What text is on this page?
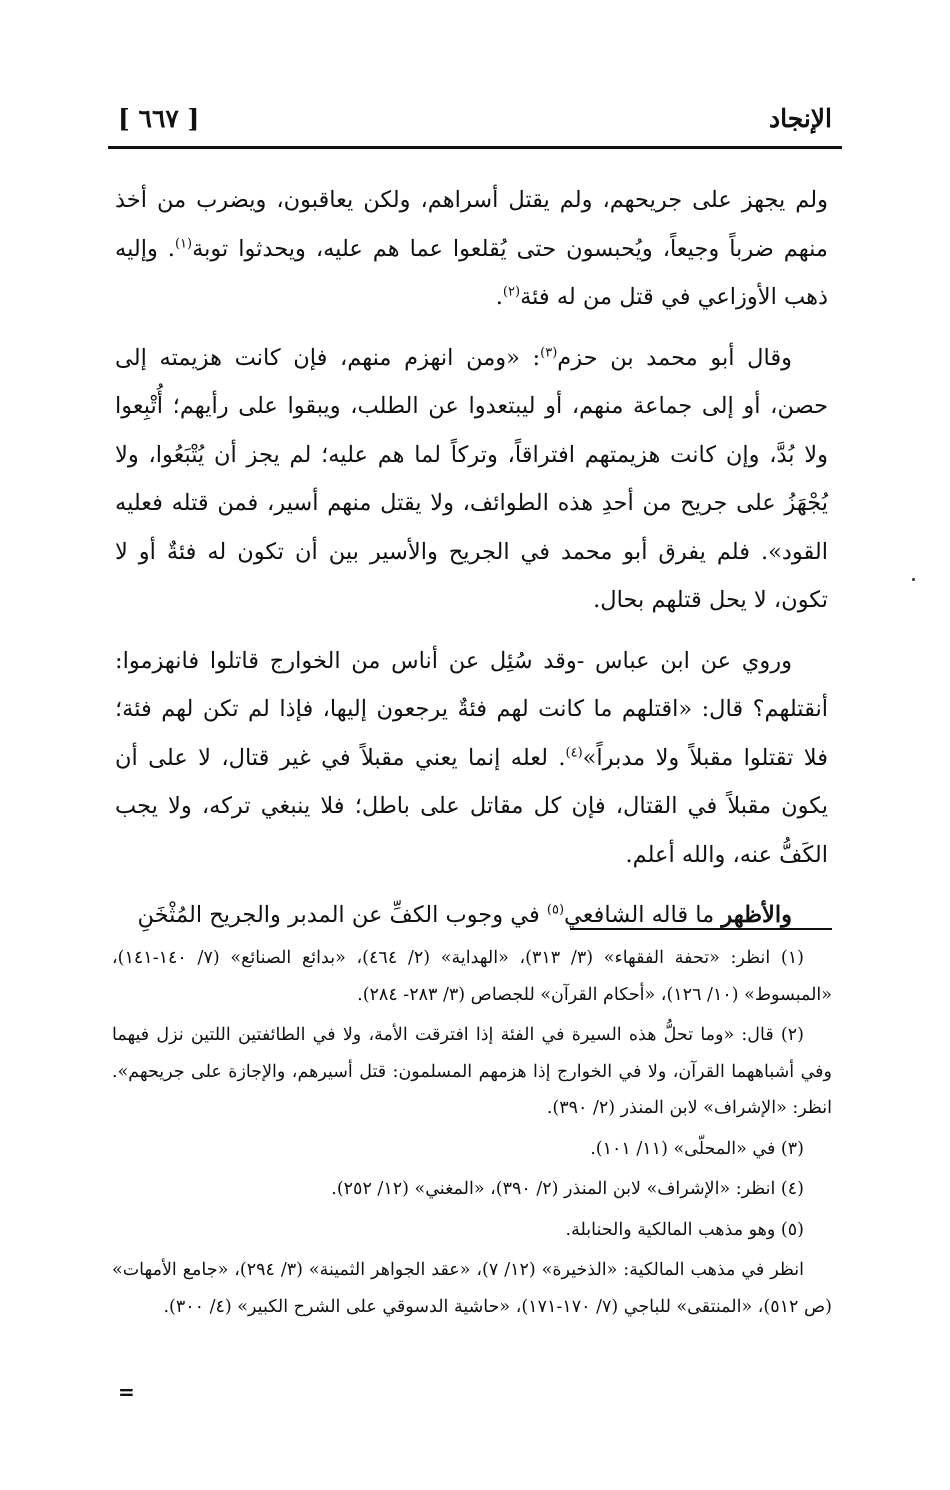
الإنجاد
[ ٦٦٧ ]

ولم يجهز على جريحهم، ولم يقتل أسراهم، ولكن يعاقبون، ويضرب من أخذ منهم ضرباً وجيعاً، ويُحبسون حتى يُقلعوا عما هم عليه، ويحدثوا توبة$^{(١)}$. وإليه ذهب الأوزاعي في قتل من له فئة$^{(٢)}$.

وقال أبو محمد بن حزم$^{(٣)}$: «ومن انهزم منهم، فإن كانت هزيمته إلى حصن، أو إلى جماعة منهم، أو ليبتعدوا عن الطلب، ويبقوا على رأيهم؛ أُتْبِعوا ولا بُدَّ، وإن كانت هزيمتهم افتراقاً، وتركاً لما هم عليه؛ لم يجز أن يُتْبَعُوا، ولا يُجْهَزُ على جريح من أحدِ هذه الطوائف، ولا يقتل منهم أسير، فمن قتله فعليه القود». فلم يفرق أبو محمد في الجريح والأسير بين أن تكون له فئةٌ أو لا تكون، لا يحل قتلهم بحال.

وروي عن ابن عباس -وقد سُئِل عن أناس من الخوارج قاتلوا فانهزموا: أنقتلهم؟ قال: «اقتلهم ما كانت لهم فئةٌ يرجعون إليها، فإذا لم تكن لهم فئة؛ فلا تقتلوا مقبلاً ولا مدبراً»$^{(٤)}$. لعله إنما يعني مقبلاً في غير قتال، لا على أن يكون مقبلاً في القتال، فإن كل مقاتل على باطل؛ فلا ينبغي تركه، ولا يجب الكَفُّ عنه، والله أعلم.

والأظهر ما قاله الشافعي$^{(٥)}$ في وجوب الكفِّ عن المدبر والجريح المُثْخَنِ

(١) انظر: «تحفة الفقهاء» (٣/ ٣١٣)، «الهداية» (٢/ ٤٦٤)، «بدائع الصنائع» (٧/ ١٤٠-١٤١)، «المبسوط» (١٠/ ١٢٦)، «أحكام القرآن» للجصاص (٣/ ٢٨٣- ٢٨٤).

(٢) قال: «وما تحلُّ هذه السيرة في الفئة إذا افترقت الأمة، ولا في الطائفتين اللتين نزل فيهما وفي أشباههما القرآن، ولا في الخوارج إذا هزمهم المسلمون: قتل أسيرهم، والإجازة على جريحهم». انظر: «الإشراف» لابن المنذر (٢/ ٣٩٠).

(٣) في «المحلّى» (١١/ ١٠١).

(٤) انظر: «الإشراف» لابن المنذر (٢/ ٣٩٠)، «المغني» (١٢/ ٢٥٢).

(٥) وهو مذهب المالكية والحنابلة.

انظر في مذهب المالكية: «الذخيرة» (١٢/ ٧)، «عقد الجواهر الثمينة» (٣/ ٢٩٤)، «جامع الأمهات» (ص ٥١٢)، «المنتقى» للباجي (٧/ ١٧٠-١٧١)، «حاشية الدسوقي على الشرح الكبير» (٤/ ٣٠٠).

=
